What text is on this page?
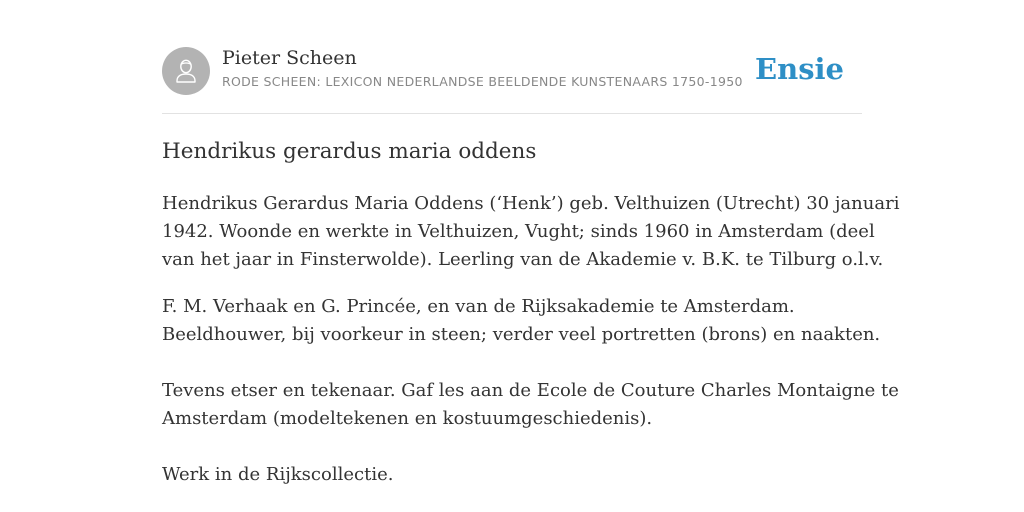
Pieter Scheen
RODE SCHEEN: LEXICON NEDERLANDSE BEELDENDE KUNSTENAARS 1750-1950 Ensie
Hendrikus gerardus maria oddens

Hendrikus Gerardus Maria Oddens (‘Henk’) geb. Velthuizen (Utrecht) 30 januari
1942. Woonde en werkte in Velthuizen, Vught; sinds 1960 in Amsterdam (deel
van het jaar in Finsterwolde). Leerling van de Akademie v. B.K. te Tilburg o.l.v.

F. M. Verhaak en G. Princée, en van de Rijksakademie te Amsterdam.
Beeldhouwer, bij voorkeur in steen; verder veel portretten (brons) en naakten.

Tevens etser en tekenaar. Gaf les aan de Ecole de Couture Charles Montaigne te
Amsterdam (modeltekenen en kostuumgeschiedenis).

Werk in de Rijkscollectie.
